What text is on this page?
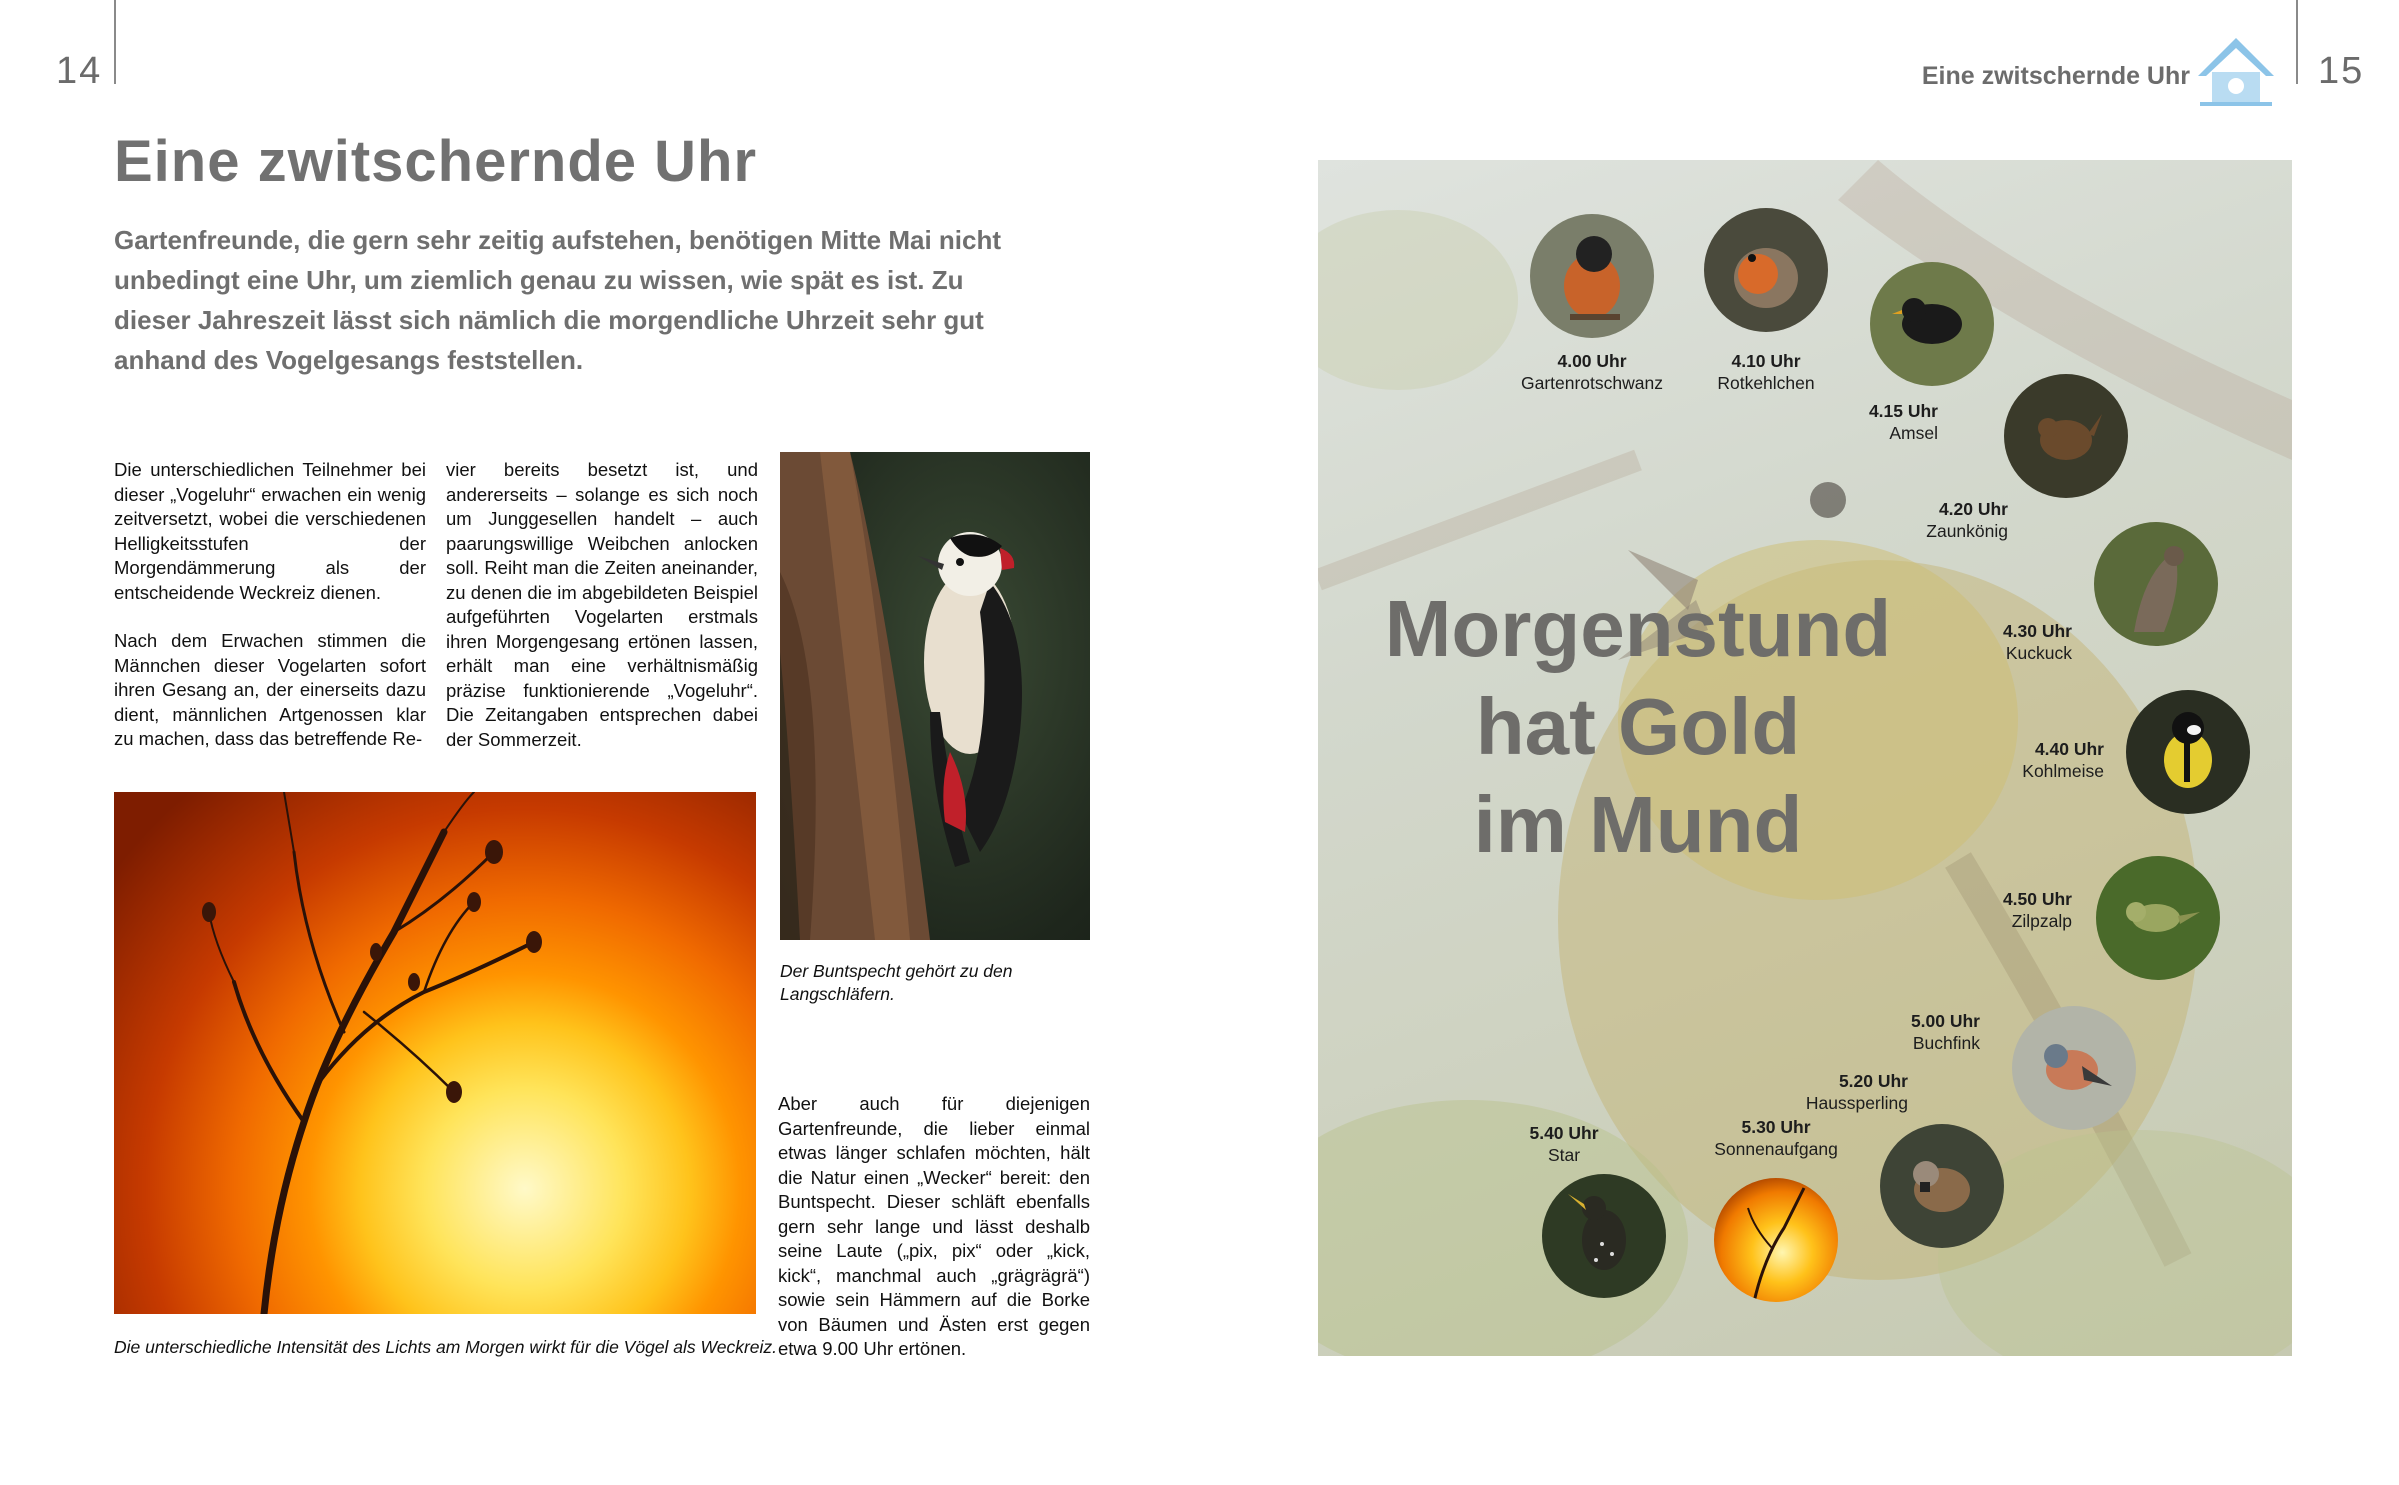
14	Eine zwitschernde Uhr	15
Eine zwitschernde Uhr

Gartenfreunde, die gern sehr zeitig aufstehen, benötigen Mitte Mai nicht unbedingt eine Uhr, um ziemlich genau zu wissen, wie spät es ist. Zu dieser Jahreszeit lässt sich nämlich die morgendliche Uhrzeit sehr gut anhand des Vogelgesangs feststellen.

Die unterschiedlichen Teilnehmer bei dieser „Vogeluhr“ erwachen ein wenig zeitversetzt, wobei die verschiedenen Helligkeitsstufen der Morgendämmerung als der entscheidende Weckreiz dienen.

Nach dem Erwachen stimmen die Männchen dieser Vogelarten sofort ihren Gesang an, der einerseits dazu dient, männlichen Artgenossen klar zu machen, dass das betreffende Re-

vier bereits besetzt ist, und andererseits – solange es sich noch um Junggesellen handelt – auch paarungswillige Weibchen anlocken soll. Reiht man die Zeiten aneinander, zu denen die im abgebildeten Beispiel aufgeführten Vogelarten erstmals ihren Morgengesang ertönen lassen, erhält man eine verhältnismäßig präzise funktionierende „Vogeluhr“. Die Zeitangaben entsprechen dabei der Sommerzeit.

Der Buntspecht gehört zu den Langschläfern.

Die unterschiedliche Intensität des Lichts am Morgen wirkt für die Vögel als Weckreiz.

Aber auch für diejenigen Gartenfreunde, die lieber einmal etwas länger schlafen möchten, hält die Natur einen „Wecker“ bereit: den Buntspecht. Dieser schläft ebenfalls gern sehr lange und lässt deshalb seine Laute („pix, pix“ oder „kick, kick“, manchmal auch „grägrägrä“) sowie sein Hämmern auf die Borke von Bäumen und Ästen erst gegen etwa 9.00 Uhr ertönen.

Morgenstund
hat Gold
im Mund

4.00 Uhr
Gartenrotschwanz
4.10 Uhr
Rotkehlchen
4.15 Uhr
Amsel
4.20 Uhr
Zaunkönig
4.30 Uhr
Kuckuck
4.40 Uhr
Kohlmeise
4.50 Uhr
Zilpzalp
5.00 Uhr
Buchfink
5.20 Uhr
Haussperling
5.30 Uhr
Sonnenaufgang
5.40 Uhr
Star
